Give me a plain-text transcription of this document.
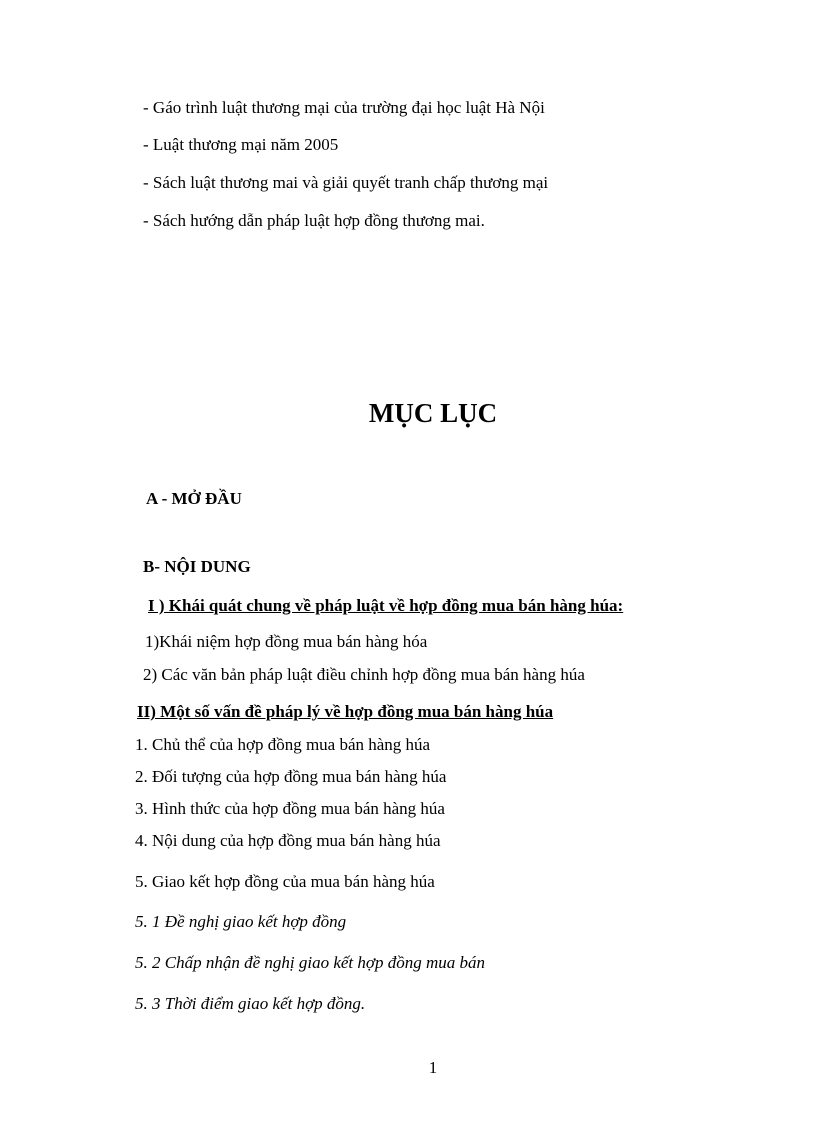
- Gáo trình luật thương mại của trường đại học luật Hà Nội
- Luật thương mại năm 2005
- Sách luật thương mai và giải quyết tranh chấp thương mại
- Sách hướng dẫn pháp luật hợp đồng thương mai.
MỤC LỤC
A - MỞ ĐẦU
B- NỘI DUNG
I ) Khái quát chung về pháp luật về hợp đồng mua bán hàng húa:
1)Khái niệm hợp đồng mua bán hàng hóa
2) Các văn bản pháp luật điều chỉnh hợp đồng mua bán hàng húa
II) Một số vấn đề pháp lý về hợp đồng mua bán hàng húa
1. Chủ thể của hợp đồng mua bán hàng húa
2. Đối tượng của hợp đồng mua bán hàng húa
3. Hình thức của hợp đồng mua bán hàng húa
4. Nội dung của hợp đồng mua bán hàng húa
5. Giao kết hợp đồng của mua bán hàng húa
5. 1 Đề nghị giao kết hợp đồng
5. 2 Chấp nhận đề nghị giao kết hợp đồng mua bán
5. 3 Thời điểm giao kết hợp đồng.
1
